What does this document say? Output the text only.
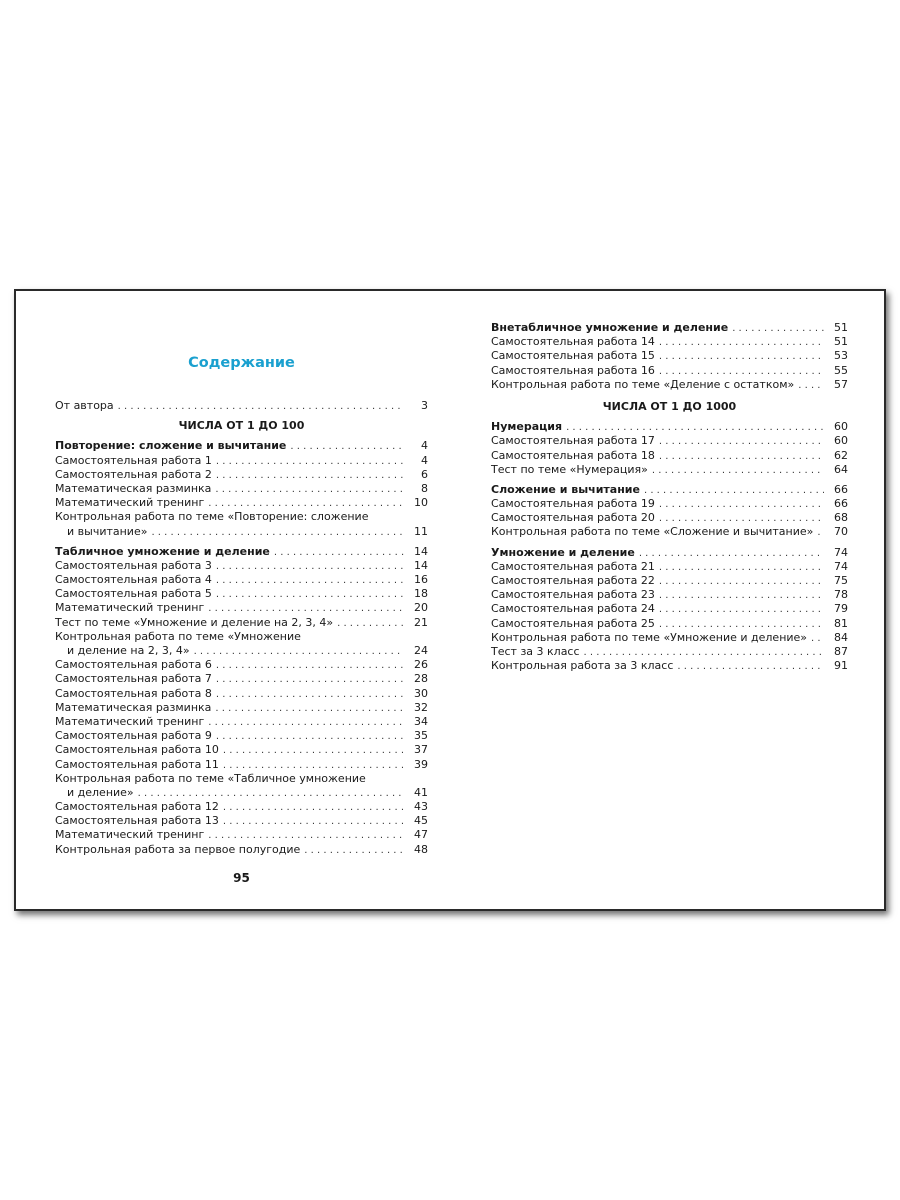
Содержание
От автора . . .	3
ЧИСЛА ОТ 1 ДО 100
Повторение: сложение и вычитание . . .	4
Самостоятельная работа 1 . . .	4
Самостоятельная работа 2 . . .	6
Математическая разминка . . .	8
Математический тренинг . . .	10
Контрольная работа по теме «Повторение: сложение
и вычитание» . . .	11
Табличное умножение и деление . . .	14
Самостоятельная работа 3 . . .	14
Самостоятельная работа 4 . . .	16
Самостоятельная работа 5 . . .	18
Математический тренинг . . .	20
Тест по теме «Умножение и деление на 2, 3, 4» . . .	21
Контрольная работа по теме «Умножение
и деление на 2, 3, 4» . . .	24
Самостоятельная работа 6 . . .	26
Самостоятельная работа 7 . . .	28
Самостоятельная работа 8 . . .	30
Математическая разминка . . .	32
Математический тренинг . . .	34
Самостоятельная работа 9 . . .	35
Самостоятельная работа 10 . . .	37
Самостоятельная работа 11 . . .	39
Контрольная работа по теме «Табличное умножение
и деление» . . .	41
Самостоятельная работа 12 . . .	43
Самостоятельная работа 13 . . .	45
Математический тренинг . . .	47
Контрольная работа за первое полугодие . . .	48
95
Внетабличное умножение и деление . . .	51
Самостоятельная работа 14 . . .	51
Самостоятельная работа 15 . . .	53
Самостоятельная работа 16 . . .	55
Контрольная работа по теме «Деление с остатком» . . .	57
ЧИСЛА ОТ 1 ДО 1000
Нумерация . . .	60
Самостоятельная работа 17 . . .	60
Самостоятельная работа 18 . . .	62
Тест по теме «Нумерация» . . .	64
Сложение и вычитание . . .	66
Самостоятельная работа 19 . . .	66
Самостоятельная работа 20 . . .	68
Контрольная работа по теме «Сложение и вычитание» . . .	70
Умножение и деление . . .	74
Самостоятельная работа 21 . . .	74
Самостоятельная работа 22 . . .	75
Самостоятельная работа 23 . . .	78
Самостоятельная работа 24 . . .	79
Самостоятельная работа 25 . . .	81
Контрольная работа по теме «Умножение и деление» . . .	84
Тест за 3 класс . . .	87
Контрольная работа за 3 класс . . .	91
